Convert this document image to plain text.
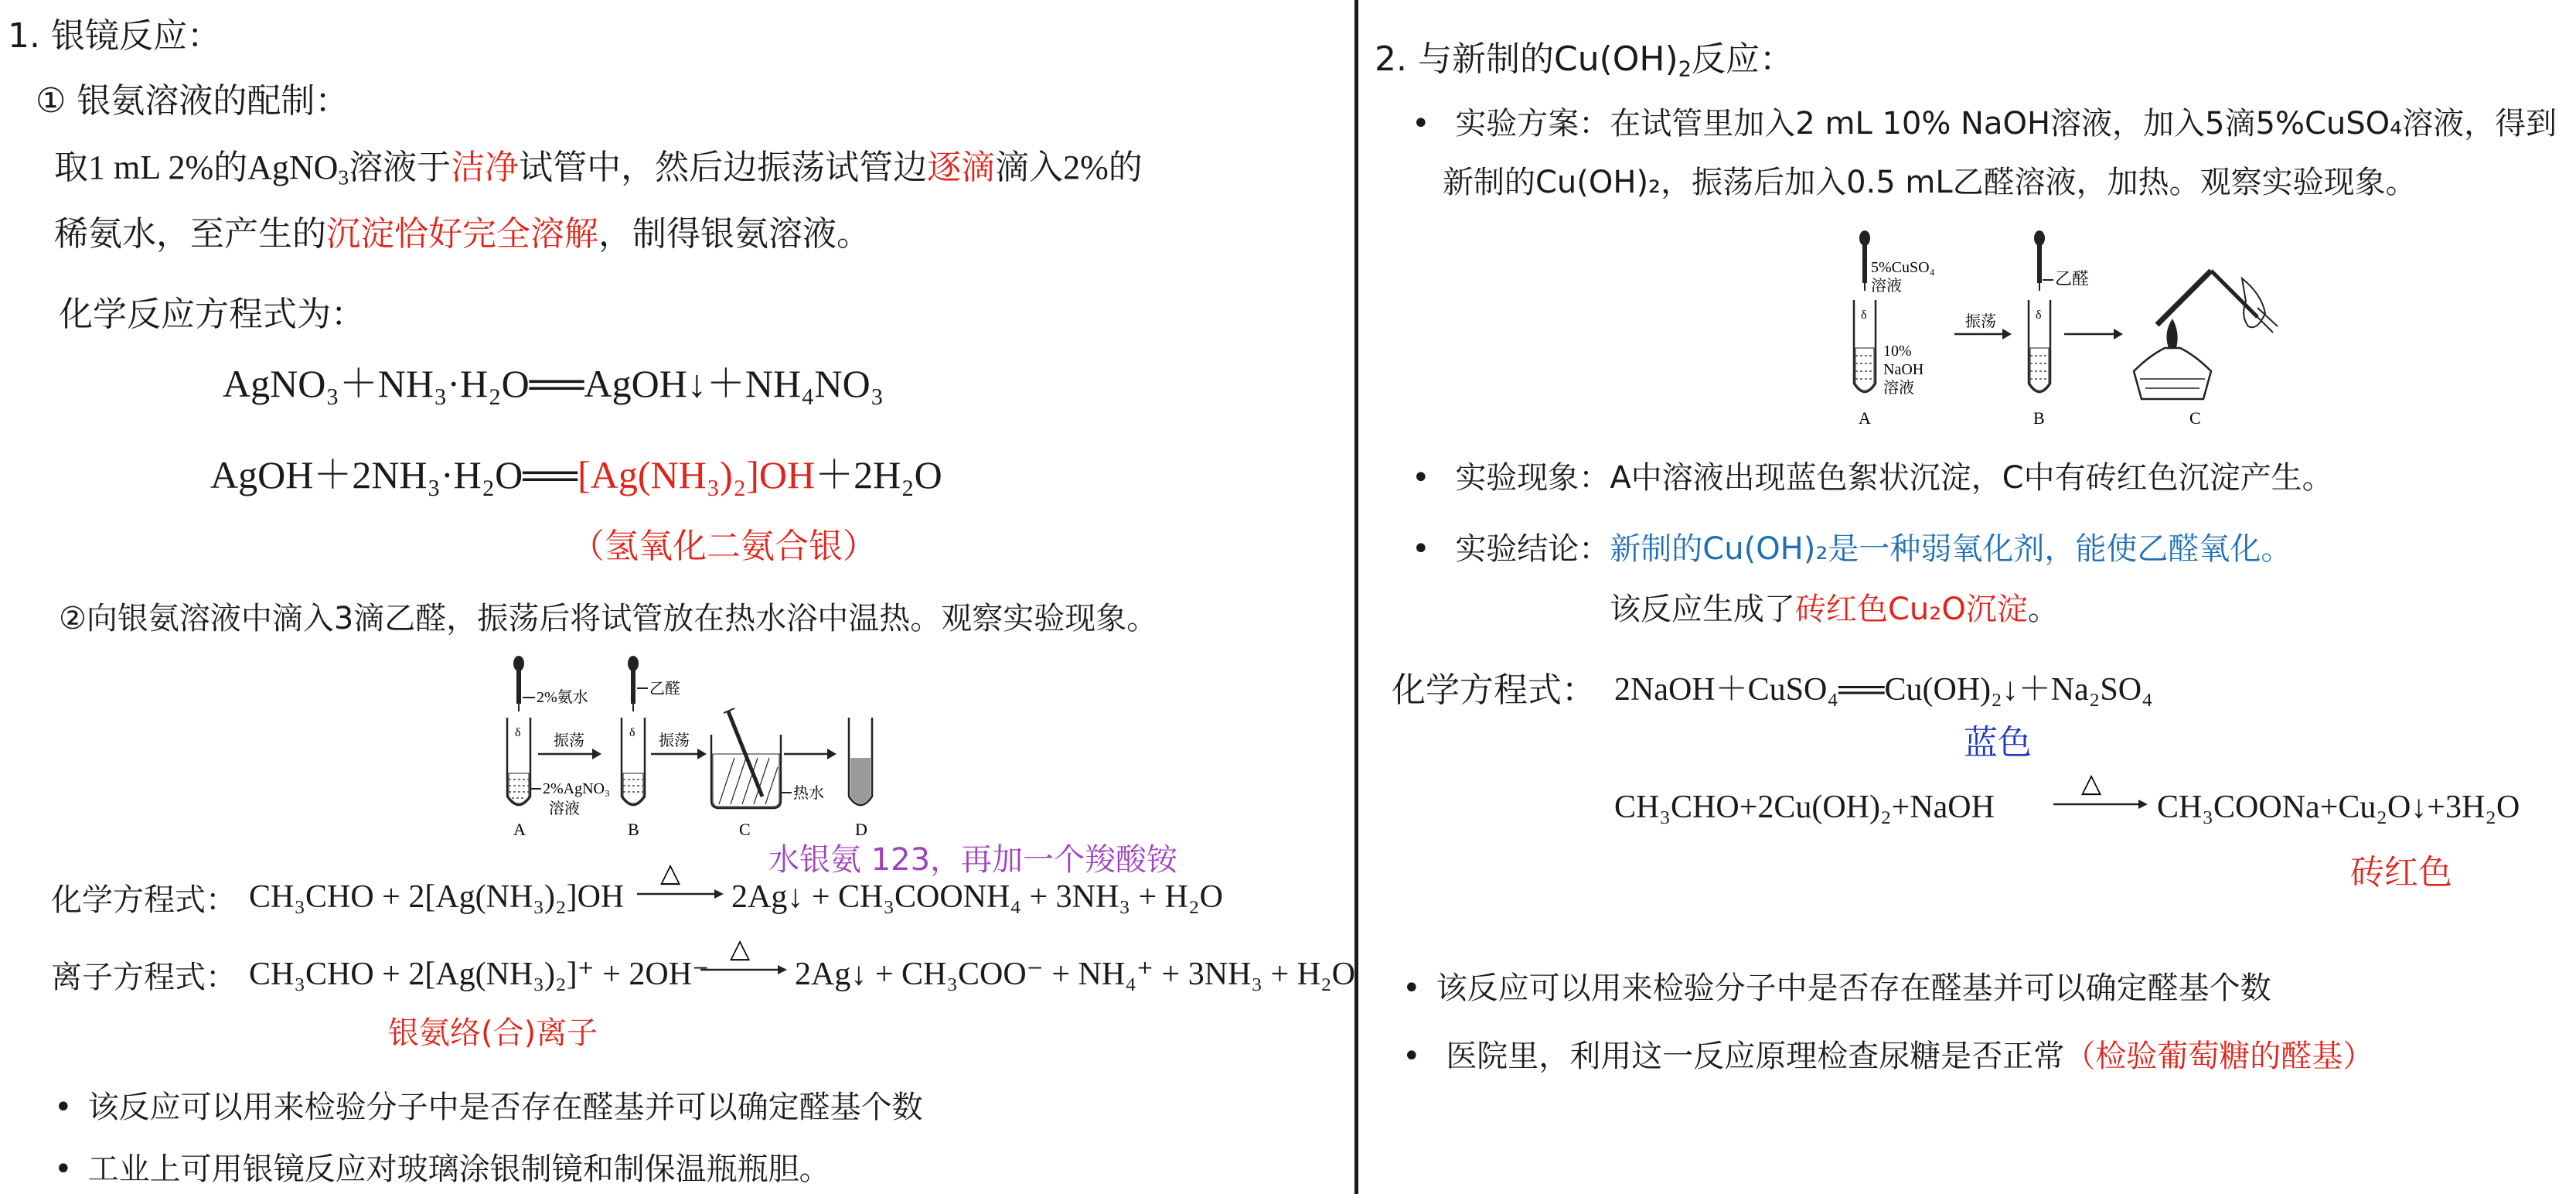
1. 银镜反应：
① 银氨溶液的配制：
取1 mL 2%的AgNO$_3$溶液于洁净试管中，然后边振荡试管边逐滴滴入2%的
稀氨水，至产生的沉淀恰好完全溶解，制得银氨溶液。
化学反应方程式为：
AgNO₃＋NH₃·H₂O══AgOH↓＋NH₄NO₃
AgOH＋2NH₃·H₂O══[Ag(NH₃)₂]OH＋2H₂O
（氢氧化二氨合银）
②向银氨溶液中滴入3滴乙醛，振荡后将试管放在热水浴中温热。观察实验现象。
2%氨水
δ
2%AgNO₃
溶液
A
振荡
乙醛
δ
B
振荡
热水
C	D
水银氨 123，再加一个羧酸铵
化学方程式： CH₃CHO + 2[Ag(NH₃)₂]OH
△
2Ag↓ + CH₃COONH₄ + 3NH₃ + H₂O
离子方程式： CH₃CHO + 2[Ag(NH₃)₂]⁺ + 2OH⁻
△
2Ag↓ + CH₃COO⁻ + NH₄⁺ + 3NH₃ + H₂O
银氨络(合)离子
• 该反应可以用来检验分子中是否存在醛基并可以确定醛基个数
• 工业上可用银镜反应对玻璃涂银制镜和制保温瓶瓶胆。
2. 与新制的$Cu(OH)_2$反应：
• 实验方案：在试管里加入2 mL 10% NaOH溶液，加入5滴5%CuSO₄溶液，得到
新制的Cu(OH)₂，振荡后加入0.5 mL乙醛溶液，加热。观察实验现象。
5%CuSO₄
溶液
δ
10%
NaOH
溶液
A
振荡
乙醛
δ
B	C
• 实验现象：A中溶液出现蓝色絮状沉淀，C中有砖红色沉淀产生。
• 实验结论：新制的Cu(OH)₂是一种弱氧化剂，能使乙醛氧化。
该反应生成了砖红色Cu₂O沉淀。
化学方程式： 2NaOH＋CuSO₄══Cu(OH)₂↓＋Na₂SO₄
蓝色
CH₃CHO+2Cu(OH)₂+NaOH
△
CH₃COONa+Cu₂O↓+3H₂O
砖红色
• 该反应可以用来检验分子中是否存在醛基并可以确定醛基个数
• 医院里，利用这一反应原理检查尿糖是否正常（检验葡萄糖的醛基）
